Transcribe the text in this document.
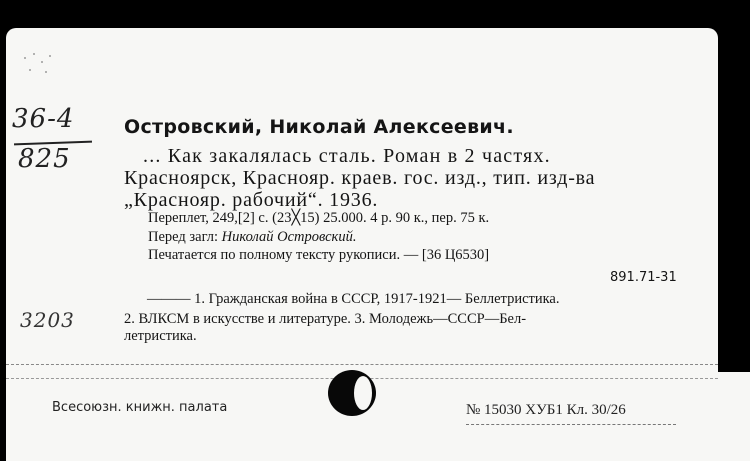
36-4
825
Островский, Николай Алексеевич.
... Как закалялась сталь. Роман в 2 частях.
Красноярск, Краснояр. краев. гос. изд., тип. изд-ва
„Краснояр. рабочий“. 1936.
Переплет, 249,[2] с. (23╳15) 25.000. 4 р. 90 к., пер. 75 к.
Перед загл: Николай Островский.
Печатается по полному тексту рукописи. — [36 Ц6530]
891.71-31
——— 1. Гражданская война в СССР, 1917-1921— Беллетристика.
3203	2. ВЛКСМ в искусстве и литературе. 3. Молодежь—СССР—Бел-
летристика.
Всесоюзн. книжн. палата	№ 15030 ХУБ1 Кл. 30/26
